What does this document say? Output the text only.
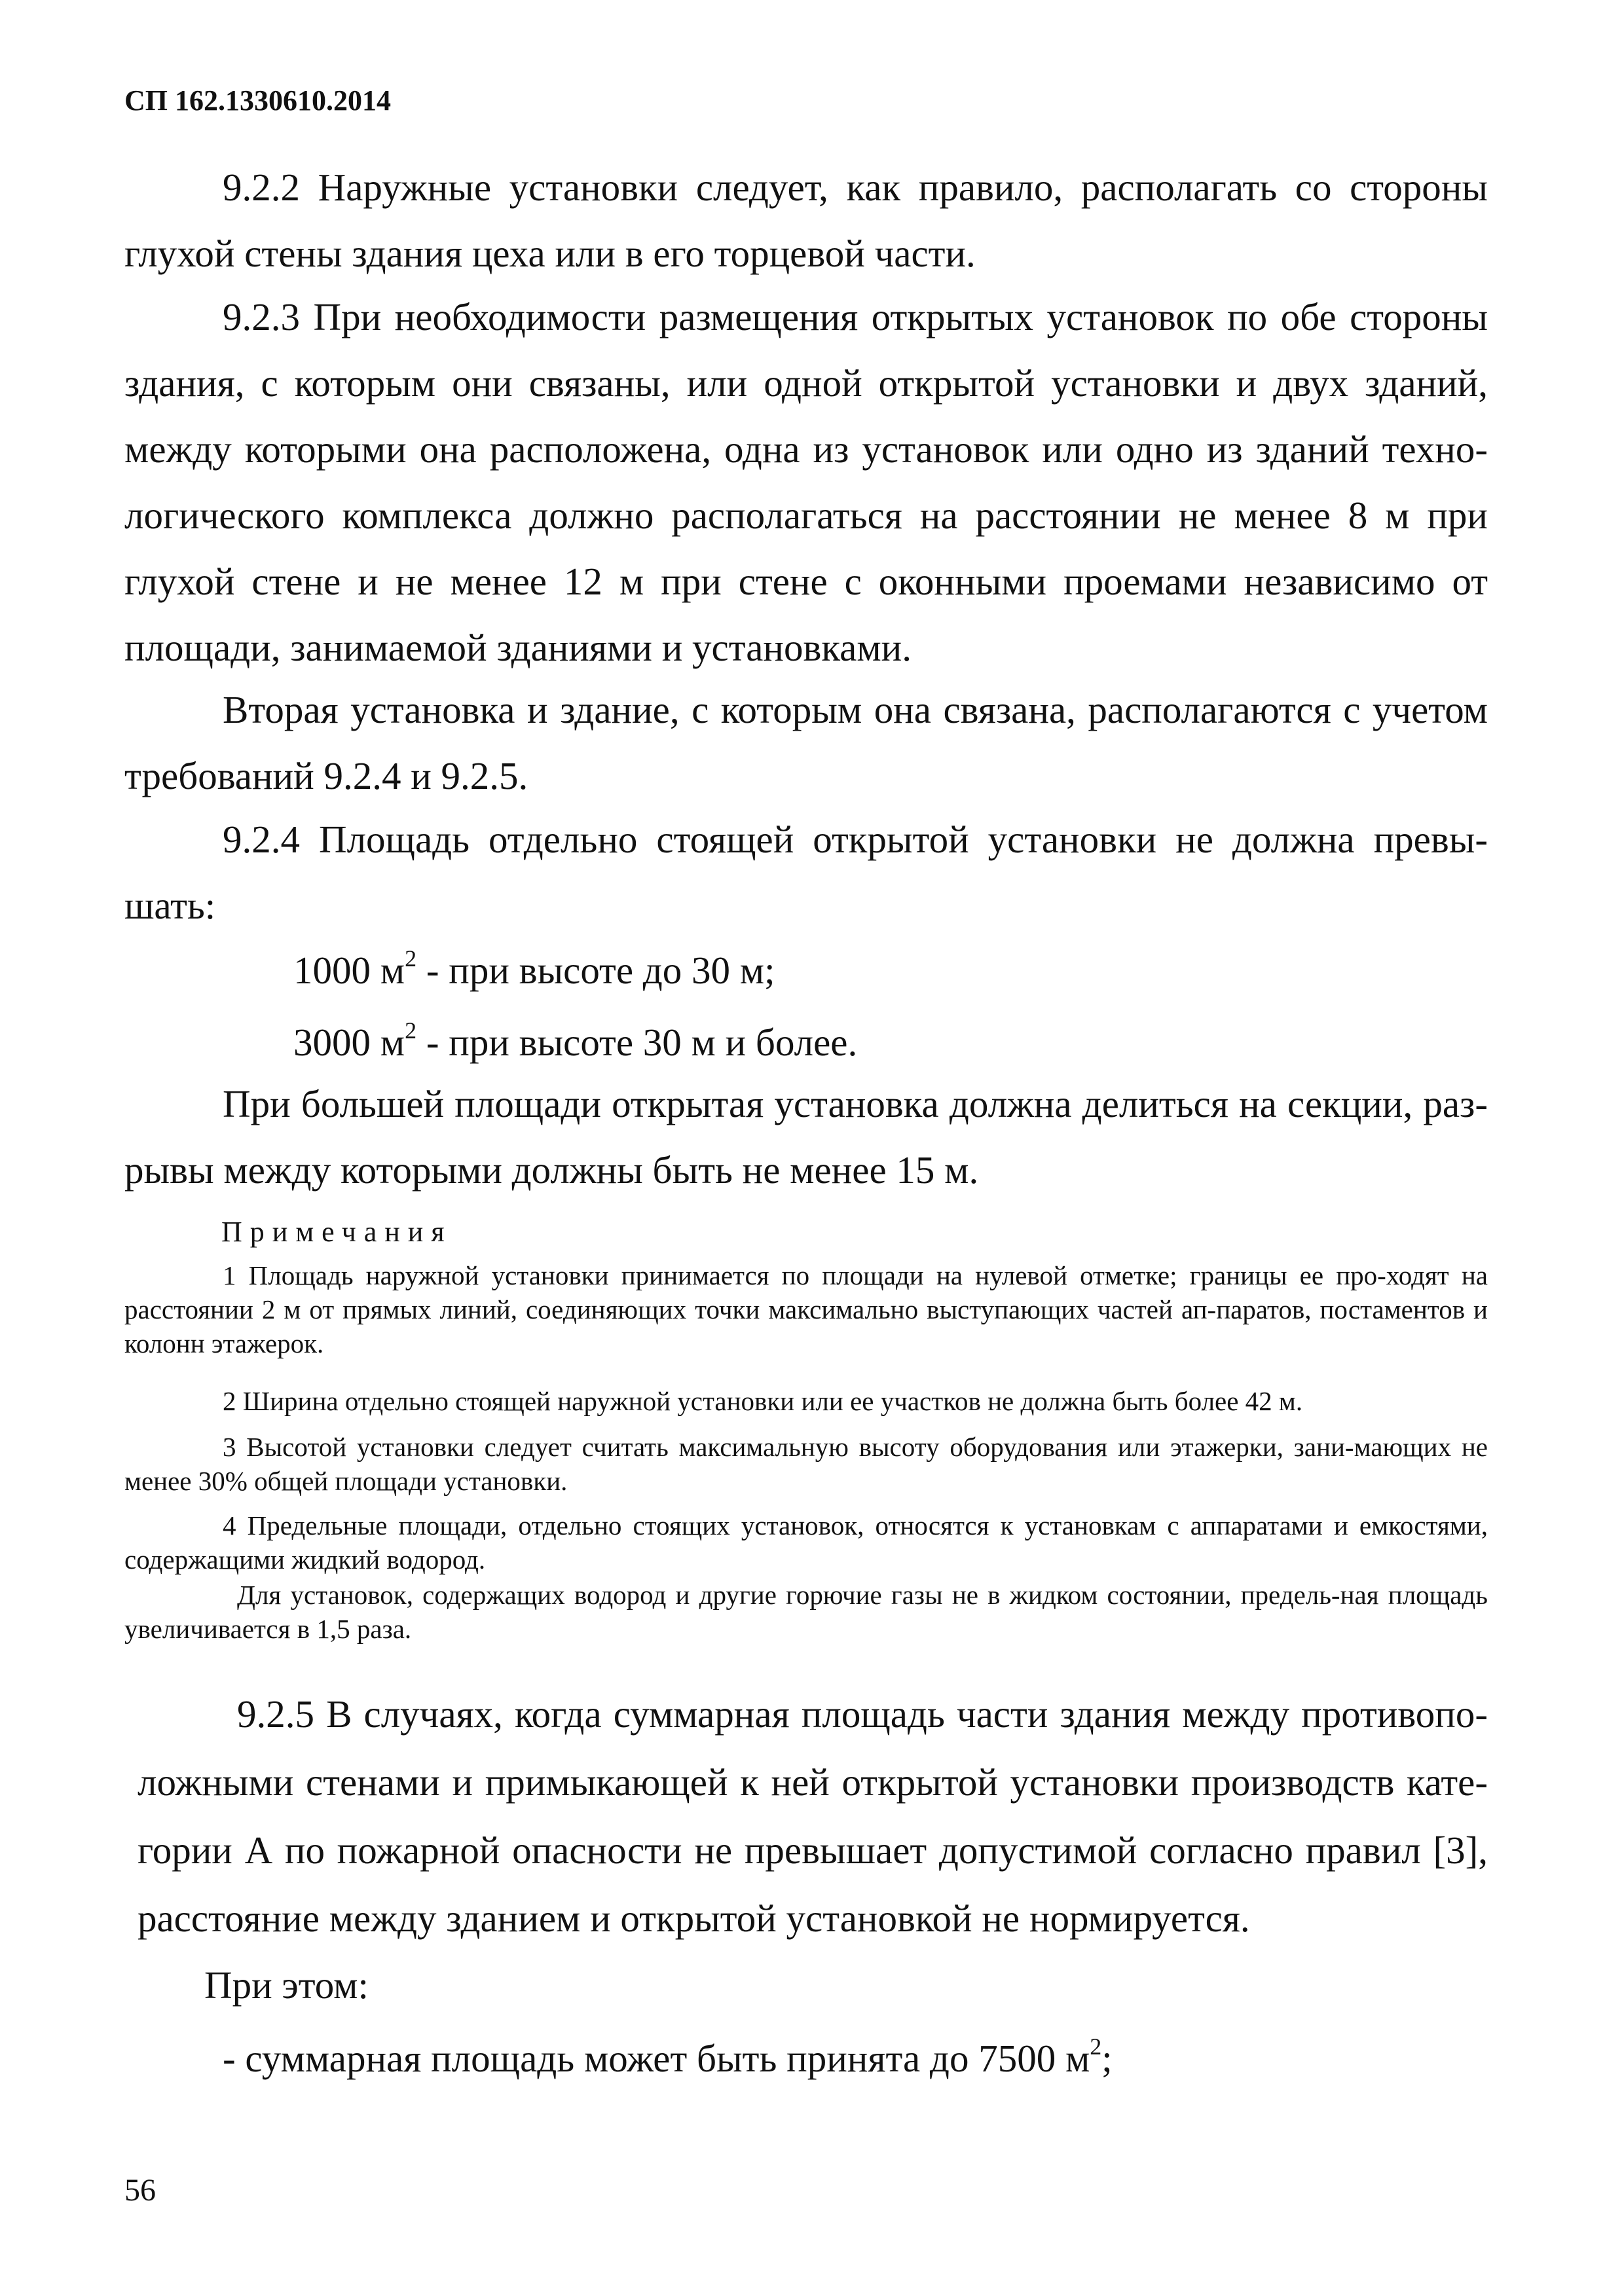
СП 162.1330610.2014

9.2.2 Наружные установки следует, как правило, располагать со стороны глухой стены здания цеха или в его торцевой части.

9.2.3 При необходимости размещения открытых установок по обе стороны здания, с которым они связаны, или одной открытой установки и двух зданий, между которыми она расположена, одна из установок или одно из зданий техно-логического комплекса должно располагаться на расстоянии не менее 8 м при глухой стене и не менее 12 м при стене с оконными проемами независимо от площади, занимаемой зданиями и установками.

Вторая установка и здание, с которым она связана, располагаются с учетом требований 9.2.4 и 9.2.5.

9.2.4 Площадь отдельно стоящей открытой установки не должна превы-шать:

1000 $м^2$ - при высоте до 30 м;
3000 $м^2$ - при высоте 30 м и более.

При большей площади открытая установка должна делиться на секции, раз-рывы между которыми должны быть не менее 15 м.

Примечания

1 Площадь наружной установки принимается по площади на нулевой отметке; границы ее про-ходят на расстоянии 2 м от прямых линий, соединяющих точки максимально выступающих частей ап-паратов, постаментов и колонн этажерок.

2 Ширина отдельно стоящей наружной установки или ее участков не должна быть более 42 м.

3 Высотой установки следует считать максимальную высоту оборудования или этажерки, зани-мающих не менее 30% общей площади установки.

4 Предельные площади, отдельно стоящих установок, относятся к установкам с аппаратами и емкостями, содержащими жидкий водород.

Для установок, содержащих водород и другие горючие газы не в жидком состоянии, предель-ная площадь увеличивается в 1,5 раза.

9.2.5 В случаях, когда суммарная площадь части здания между противопо-ложными стенами и примыкающей к ней открытой установки производств кате-гории А по пожарной опасности не превышает допустимой согласно правил [3], расстояние между зданием и открытой установкой не нормируется.

При этом:
- суммарная площадь может быть принята до 7500 $м^2$;
56
